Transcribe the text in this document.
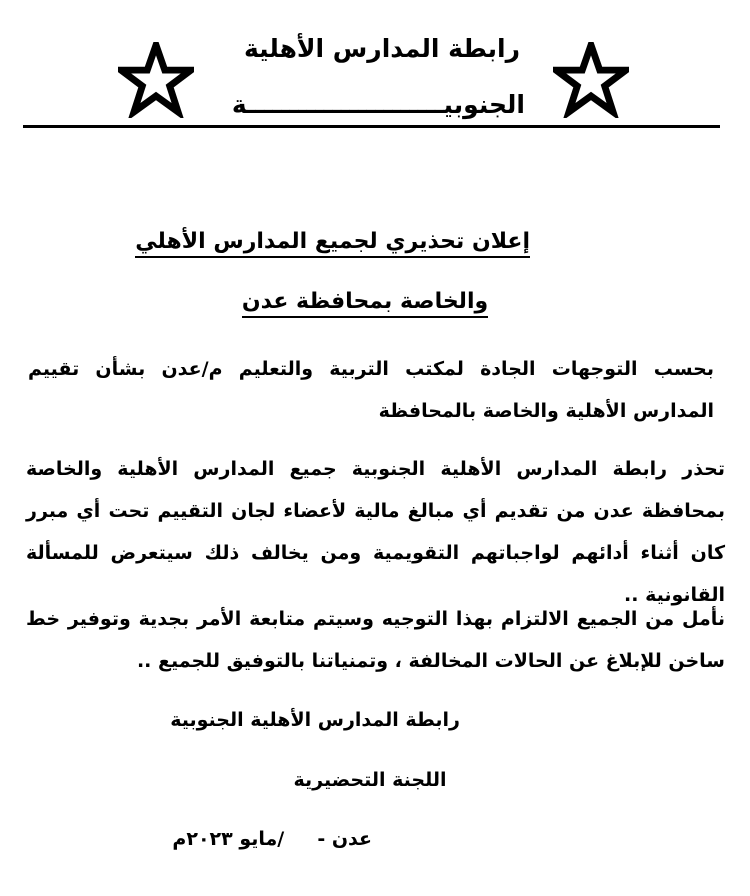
رابطة المدارس الأهلية

الجنوبيـــــــــــــــــــــــة

إعلان تحذيري لجميع المدارس الأهلي

والخاصة بمحافظة عدن

بحسب التوجهات الجادة لمكتب التربية والتعليم م/عدن بشأن تقييم المدارس الأهلية والخاصة بالمحافظة

تحذر رابطة المدارس الأهلية الجنوبية جميع المدارس الأهلية والخاصة بمحافظة عدن من تقديم أي مبالغ مالية لأعضاء لجان التقييم تحت أي مبرر كان أثناء أدائهم لواجباتهم التقويمية ومن يخالف ذلك سيتعرض للمسألة القانونية ..

نأمل من الجميع الالتزام بهذا التوجيه وسيتم متابعة الأمر بجدية وتوفير خط ساخن للإبلاغ عن الحالات المخالفة ، وتمنياتنا بالتوفيق للجميع ..

رابطة المدارس الأهلية الجنوبية

اللجنة التحضيرية

عدن -     /مايو ٢٠٢٣م
